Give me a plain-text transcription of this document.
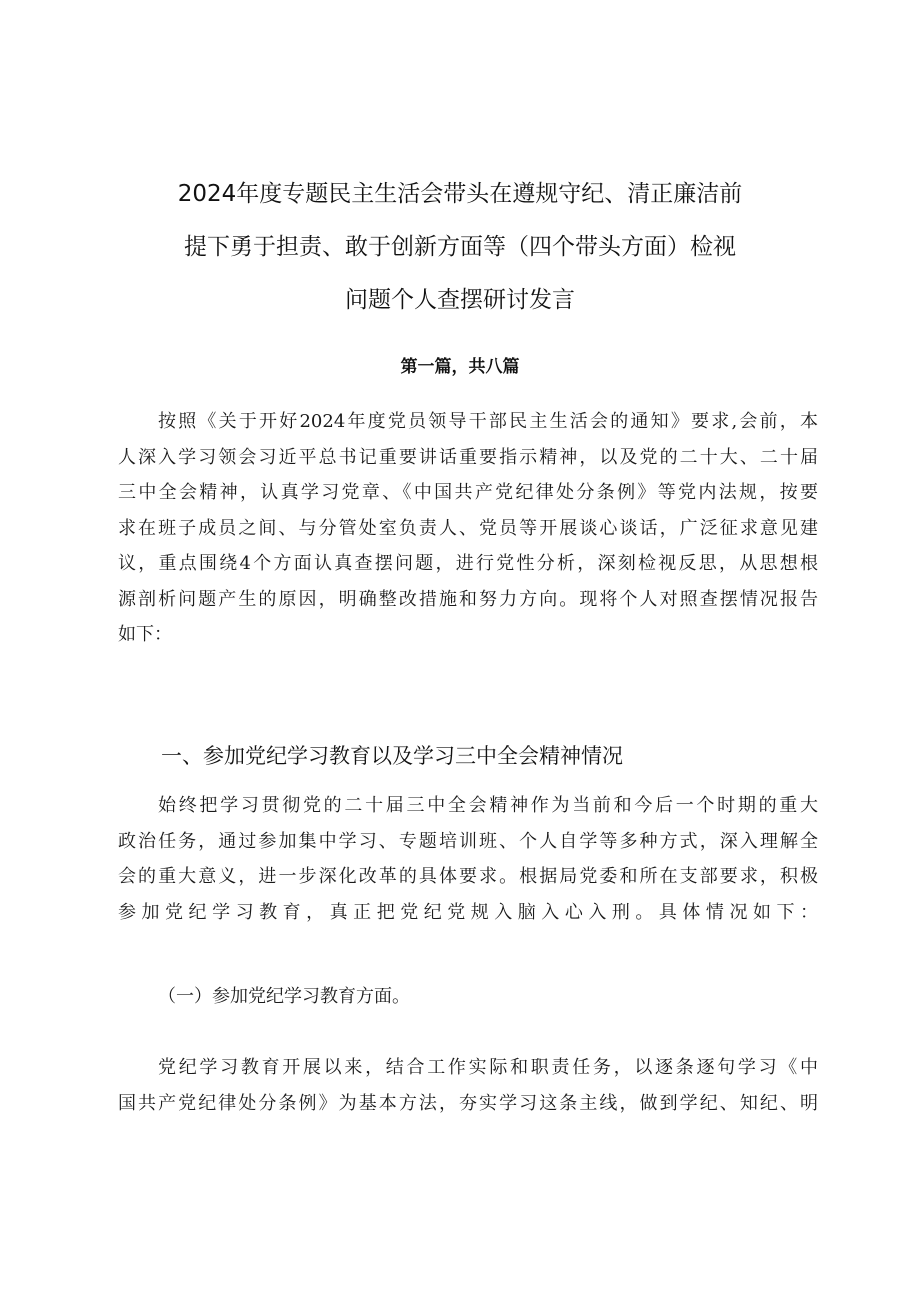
2024年度专题民主生活会带头在遵规守纪、清正廉洁前
提下勇于担责、敢于创新方面等（四个带头方面）检视
问题个人查摆研讨发言
第一篇，共八篇
按照《关于开好2024年度党员领导干部民主生活会的通知》要求,会前，本
人深入学习领会习近平总书记重要讲话重要指示精神，以及党的二十大、二十届
三中全会精神，认真学习党章、《中国共产党纪律处分条例》等党内法规，按要
求在班子成员之间、与分管处室负责人、党员等开展谈心谈话，广泛征求意见建
议，重点围绕4个方面认真查摆问题，进行党性分析，深刻检视反思，从思想根
源剖析问题产生的原因，明确整改措施和努力方向。现将个人对照查摆情况报告
如下：
一、参加党纪学习教育以及学习三中全会精神情况
始终把学习贯彻党的二十届三中全会精神作为当前和今后一个时期的重大
政治任务，通过参加集中学习、专题培训班、个人自学等多种方式，深入理解全
会的重大意义，进一步深化改革的具体要求。根据局党委和所在支部要求，积极
参加党纪学习教育，真正把党纪党规入脑入心入刑。具体情况如下：
（一）参加党纪学习教育方面。
党纪学习教育开展以来，结合工作实际和职责任务，以逐条逐句学习《中
国共产党纪律处分条例》为基本方法，夯实学习这条主线，做到学纪、知纪、明
